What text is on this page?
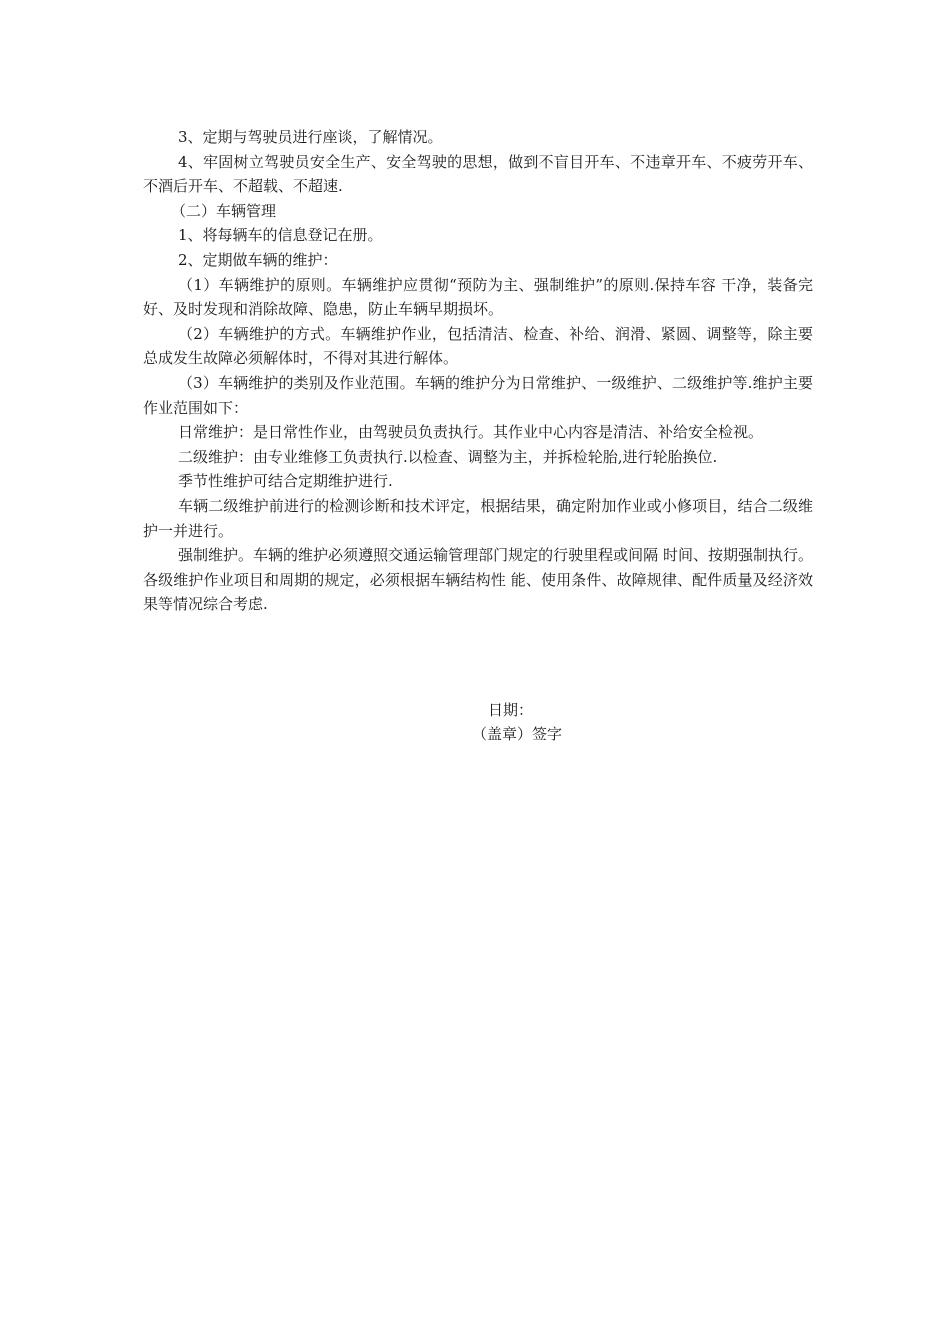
3、定期与驾驶员进行座谈，了解情况。

4、牢固树立驾驶员安全生产、安全驾驶的思想，做到不盲目开车、不违章开车、不疲劳开车、不酒后开车、不超载、不超速.

（二）车辆管理

1、将每辆车的信息登记在册。

2、定期做车辆的维护：

（1）车辆维护的原则。车辆维护应贯彻“预防为主、强制维护”的原则.保持车容 干净，装备完好、及时发现和消除故障、隐患，防止车辆早期损坏。

（2）车辆维护的方式。车辆维护作业，包括清洁、检查、补给、润滑、紧圆、调整等，除主要总成发生故障必须解体时，不得对其进行解体。

（3）车辆维护的类别及作业范围。车辆的维护分为日常维护、一级维护、二级维护等.维护主要作业范围如下：

日常维护：是日常性作业，由驾驶员负责执行。其作业中心内容是清洁、补给安全检视。

二级维护：由专业维修工负责执行.以检查、调整为主，并拆检轮胎,进行轮胎换位.

季节性维护可结合定期维护进行.

车辆二级维护前进行的检测诊断和技术评定，根据结果，确定附加作业或小修项目，结合二级维护一并进行。

强制维护。车辆的维护必须遵照交通运输管理部门规定的行驶里程或间隔 时间、按期强制执行。各级维护作业项目和周期的规定，必须根据车辆结构性 能、使用条件、故障规律、配件质量及经济效果等情况综合考虑.

日期：

（盖章）签字
